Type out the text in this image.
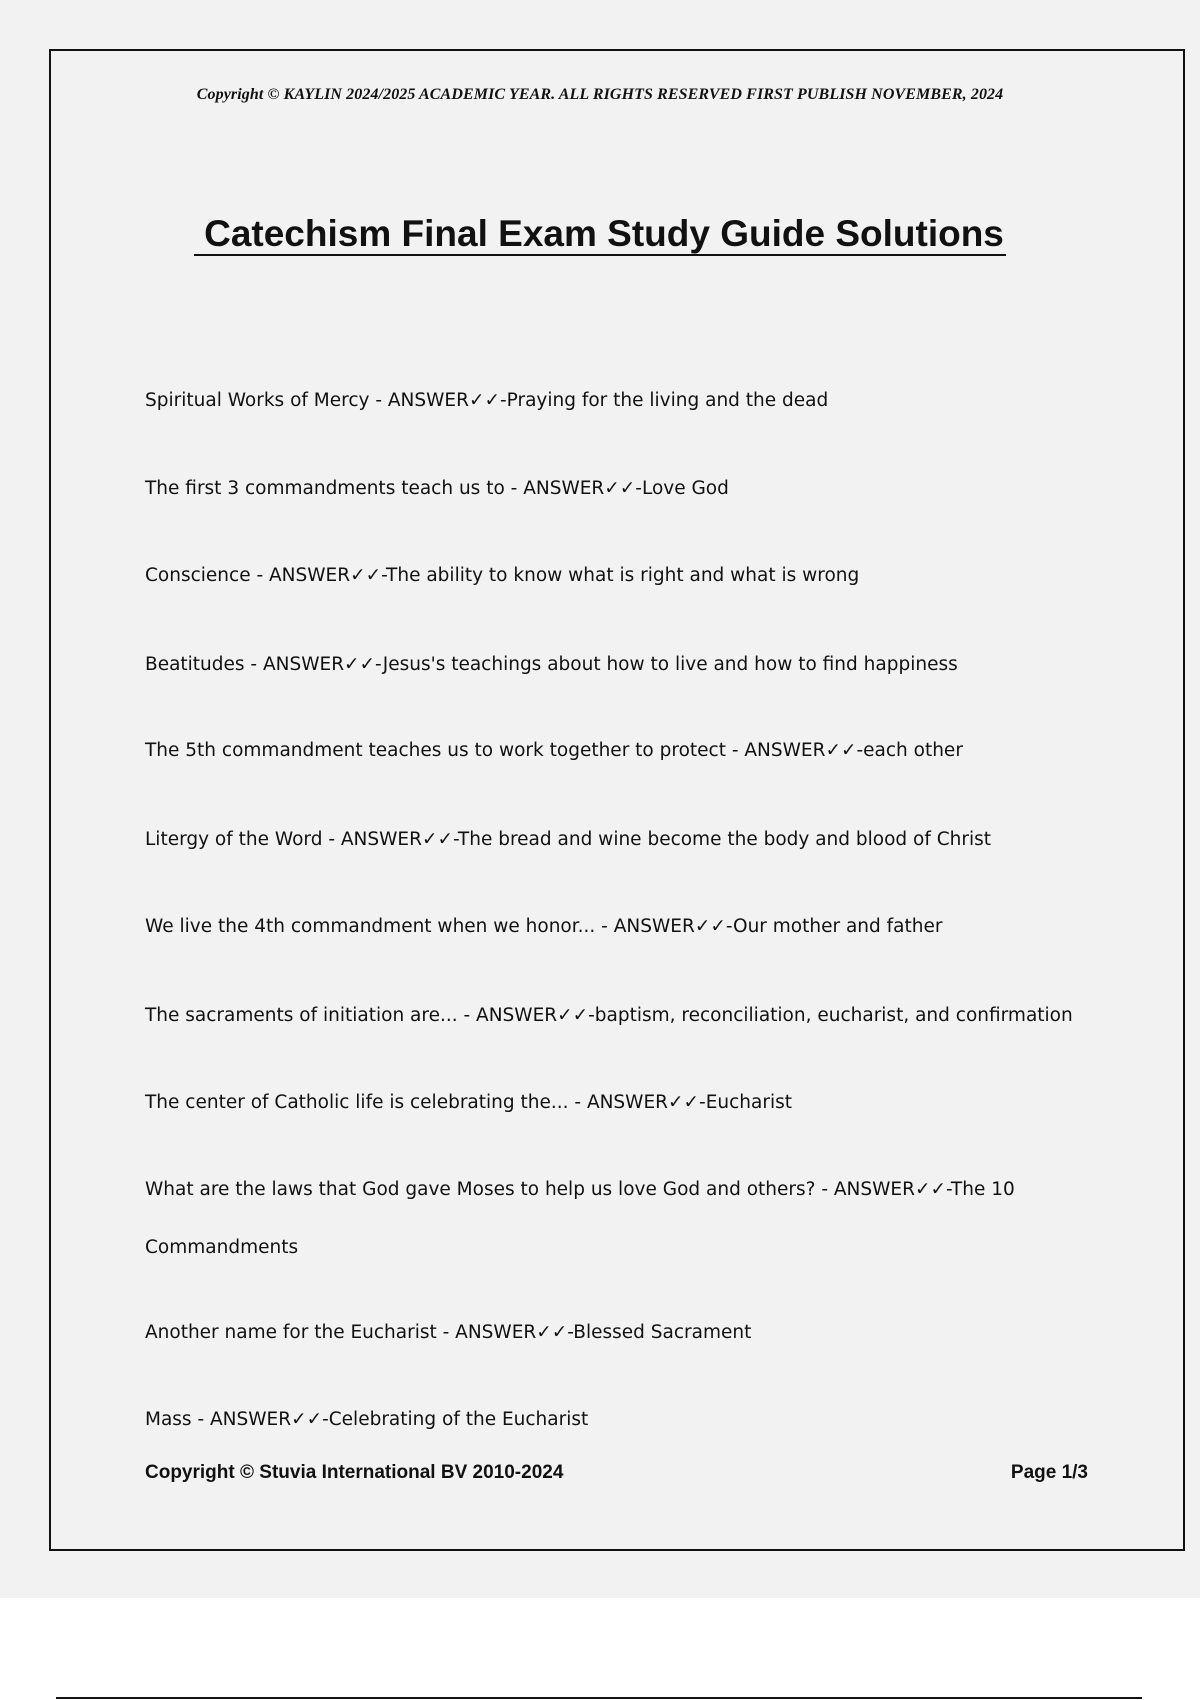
Copyright © KAYLIN 2024/2025 ACADEMIC YEAR. ALL RIGHTS RESERVED FIRST PUBLISH NOVEMBER, 2024
Catechism Final Exam Study Guide Solutions
Spiritual Works of Mercy - ANSWER✓✓-Praying for the living and the dead
The first 3 commandments teach us to - ANSWER✓✓-Love God
Conscience - ANSWER✓✓-The ability to know what is right and what is wrong
Beatitudes - ANSWER✓✓-Jesus's teachings about how to live and how to find happiness
The 5th commandment teaches us to work together to protect - ANSWER✓✓-each other
Litergy of the Word - ANSWER✓✓-The bread and wine become the body and blood of Christ
We live the 4th commandment when we honor... - ANSWER✓✓-Our mother and father
The sacraments of initiation are... - ANSWER✓✓-baptism, reconciliation, eucharist, and confirmation
The center of Catholic life is celebrating the... - ANSWER✓✓-Eucharist
What are the laws that God gave Moses to help us love God and others? - ANSWER✓✓-The 10 Commandments
Another name for the Eucharist - ANSWER✓✓-Blessed Sacrament
Mass - ANSWER✓✓-Celebrating of the Eucharist
Copyright © Stuvia International BV 2010-2024	Page 1/3
